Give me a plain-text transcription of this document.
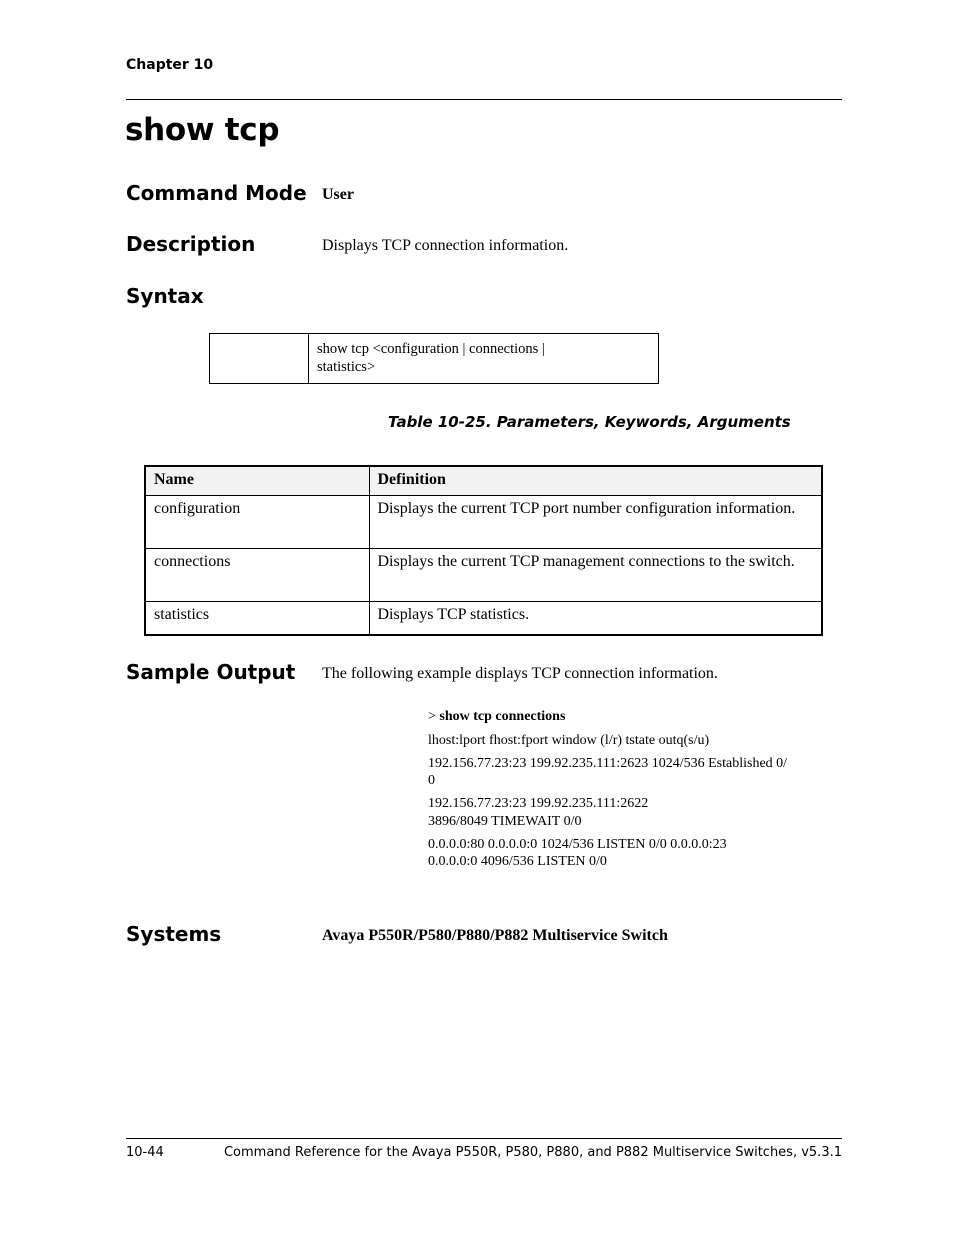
Chapter 10
show tcp
Command Mode User
Description	Displays TCP connection information.
Syntax
show tcp <configuration | connections |
statistics>
Table 10-25. Parameters, Keywords, Arguments
Name	Definition
configuration	Displays the current TCP port number configuration information.
connections	Displays the current TCP management connections to the switch.
statistics	Displays TCP statistics.
Sample Output The following example displays TCP connection information.
> show tcp connections
lhost:lport fhost:fport window (l/r) tstate outq(s/u)
192.156.77.23:23 199.92.235.111:2623 1024/536 Established 0/
0
192.156.77.23:23 199.92.235.111:2622
3896/8049 TIMEWAIT 0/0
0.0.0.0:80 0.0.0.0:0 1024/536 LISTEN 0/0 0.0.0.0:23
0.0.0.0:0 4096/536 LISTEN 0/0
Systems	Avaya P550R/P580/P880/P882 Multiservice Switch
10-44	Command Reference for the Avaya P550R, P580, P880, and P882 Multiservice Switches, v5.3.1
